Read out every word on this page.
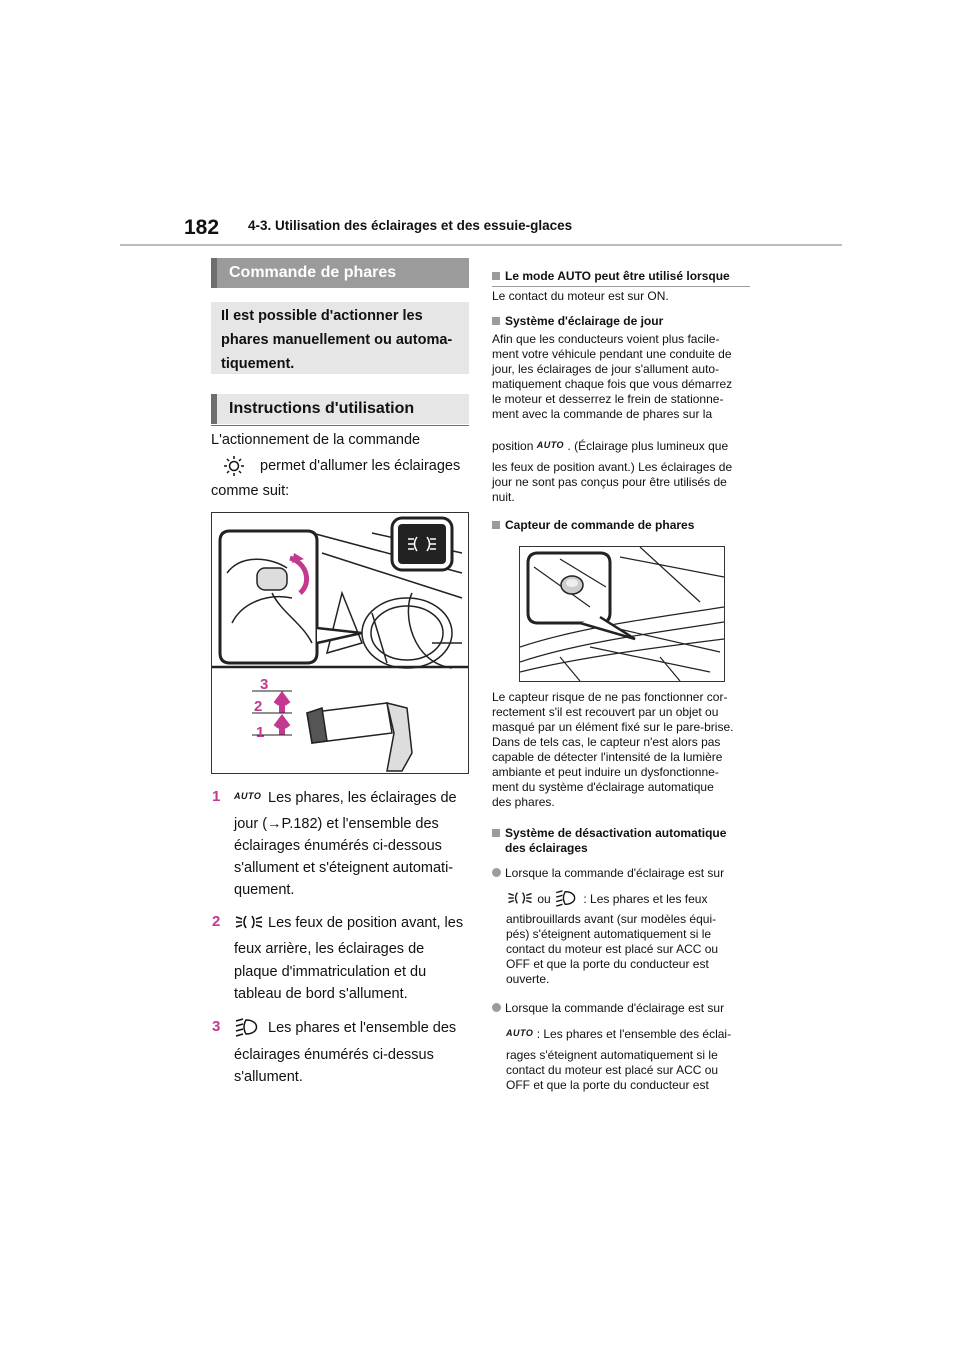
182 4-3. Utilisation des éclairages et des essuie-glaces
Commande de phares
Il est possible d'actionner les
phares manuellement ou automa-
tiquement.
Instructions d'utilisation
L'actionnement de la commande
permet d'allumer les éclairages
comme suit:
3
2
1
1 AUTO Les phares, les éclairages de
jour (→P.182) et l'ensemble des
éclairages énumérés ci-dessous
s'allument et s'éteignent automati-
quement.
2	Les feux de position avant, les
feux arrière, les éclairages de
plaque d'immatriculation et du
tableau de bord s'allument.
3	Les phares et l'ensemble des
éclairages énumérés ci-dessus
s'allument.
Le mode AUTO peut être utilisé lorsque
Le contact du moteur est sur ON.
Système d'éclairage de jour
Afin que les conducteurs voient plus facile-
ment votre véhicule pendant une conduite de
jour, les éclairages de jour s'allument auto-
matiquement chaque fois que vous démarrez
le moteur et desserrez le frein de stationne-
ment avec la commande de phares sur la
position AUTO . (Éclairage plus lumineux que
les feux de position avant.) Les éclairages de
jour ne sont pas conçus pour être utilisés de
nuit.
Capteur de commande de phares
Le capteur risque de ne pas fonctionner cor-
rectement s'il est recouvert par un objet ou
masqué par un élément fixé sur le pare-brise.
Dans de tels cas, le capteur n'est alors pas
capable de détecter l'intensité de la lumière
ambiante et peut induire un dysfonctionne-
ment du système d'éclairage automatique
des phares.
Système de désactivation automatique
des éclairages
Lorsque la commande d'éclairage est sur
ou	: Les phares et les feux
antibrouillards avant (sur modèles équi-
pés) s'éteignent automatiquement si le
contact du moteur est placé sur ACC ou
OFF et que la porte du conducteur est
ouverte.
Lorsque la commande d'éclairage est sur
AUTO : Les phares et l'ensemble des éclai-
rages s'éteignent automatiquement si le
contact du moteur est placé sur ACC ou
OFF et que la porte du conducteur est
